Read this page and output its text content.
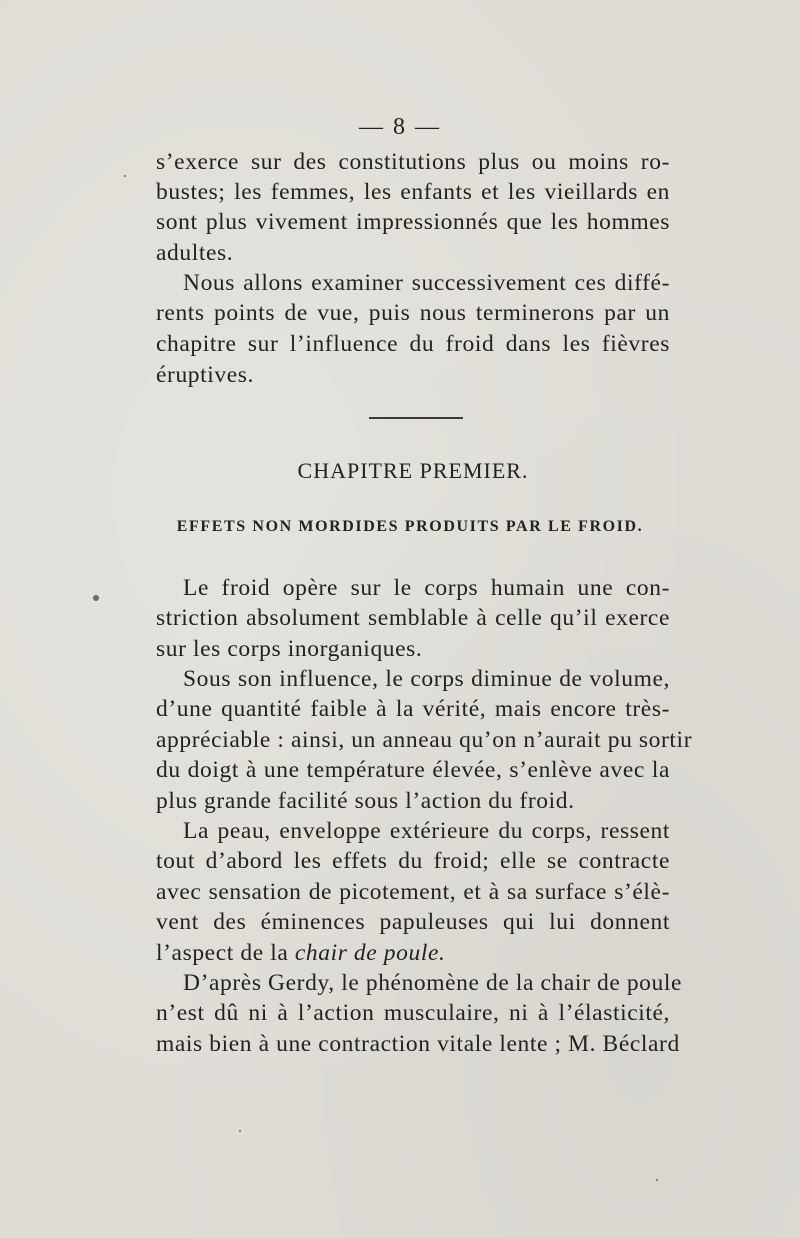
— 8 —
s’exerce sur des constitutions plus ou moins ro-
bustes; les femmes, les enfants et les vieillards en
sont plus vivement impressionnés que les hommes
adultes.
Nous allons examiner successivement ces diffé-
rents points de vue, puis nous terminerons par un
chapitre sur l’influence du froid dans les fièvres
éruptives.
CHAPITRE PREMIER.
EFFETS NON MORDIDES PRODUITS PAR LE FROID.
Le froid opère sur le corps humain une con-
striction absolument semblable à celle qu’il exerce
sur les corps inorganiques.
Sous son influence, le corps diminue de volume,
d’une quantité faible à la vérité, mais encore très-
appréciable : ainsi, un anneau qu’on n’aurait pu sortir
du doigt à une température élevée, s’enlève avec la
plus grande facilité sous l’action du froid.
La peau, enveloppe extérieure du corps, ressent
tout d’abord les effets du froid; elle se contracte
avec sensation de picotement, et à sa surface s’élè-
vent des éminences papuleuses qui lui donnent
l’aspect de la chair de poule.
D’après Gerdy, le phénomène de la chair de poule
n’est dû ni à l’action musculaire, ni à l’élasticité,
mais bien à une contraction vitale lente ; M. Béclard
